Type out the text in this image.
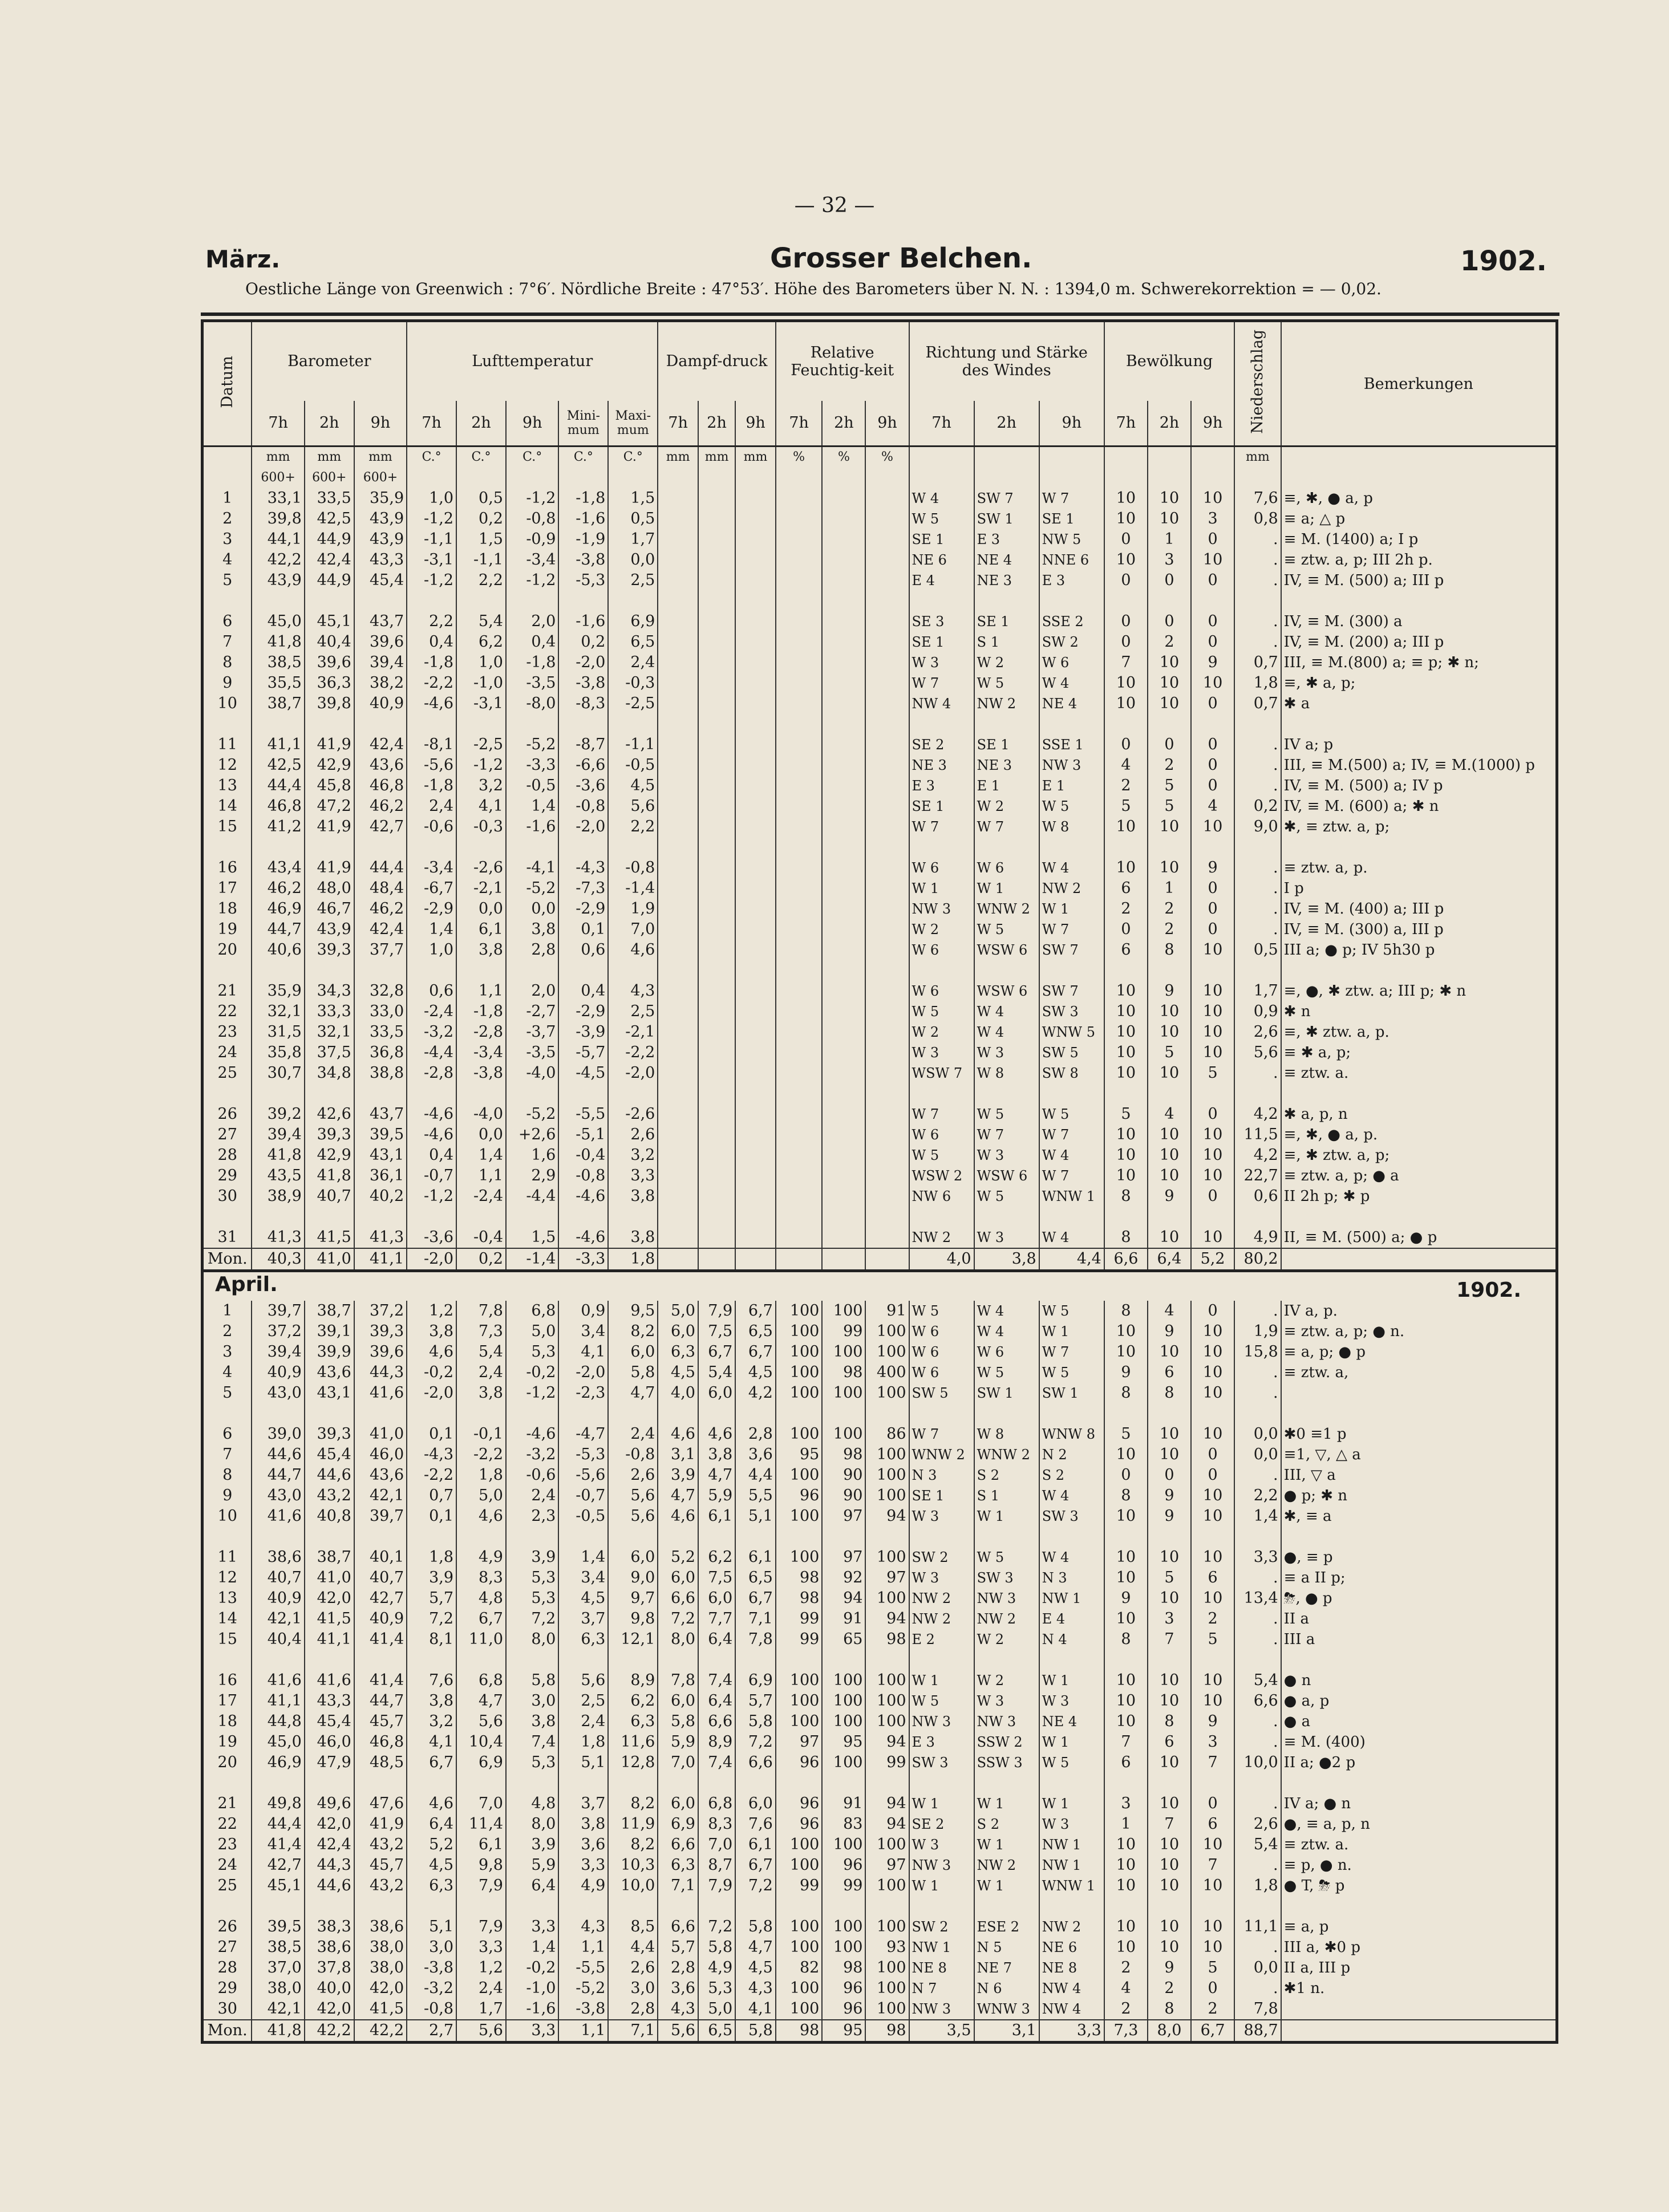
— 32 —
März.	Grosser Belchen.	1902.
Oestliche Länge von Greenwich : 7°6′. Nördliche Breite : 47°53′. Höhe des Barometers über N. N. : 1394,0 m. Schwerekorrektion = — 0,02.
Datum	Barometer			Lufttemperatur					Dampf-druck			Relative Feuchtig-keit			Richtung und Stärke des Windes			Bewölkung			Niederschlag	Bemerkungen
	7h	2h	9h	7h	2h	9h	Mini-mum	Maxi-mum	7h	2h	9h	7h	2h	9h	7h	2h	9h	7h	2h	9h		
	mm	mm	mm	C.°	C.°	C.°	C.°	C.°	mm	mm	mm	%	%	%							mm	
	600+	600+	600+																			
1	33,1	33,5	35,9	1,0	0,5	-1,2	-1,8	1,5							W 4	SW 7	W 7	10	10	10	7,6	≡, ✱, ● a, p
2	39,8	42,5	43,9	-1,2	0,2	-0,8	-1,6	0,5							W 5	SW 1	SE 1	10	10	3	0,8	≡ a; △ p
3	44,1	44,9	43,9	-1,1	1,5	-0,9	-1,9	1,7							SE 1	E 3	NW 5	0	1	0	.	≡ M. (1400) a; I p
4	42,2	42,4	43,3	-3,1	-1,1	-3,4	-3,8	0,0							NE 6	NE 4	NNE 6	10	3	10	.	≡ ztw. a, p; III 2h p.
5	43,9	44,9	45,4	-1,2	2,2	-1,2	-5,3	2,5							E 4	NE 3	E 3	0	0	0	.	IV, ≡ M. (500) a; III p

6	45,0	45,1	43,7	2,2	5,4	2,0	-1,6	6,9							SE 3	SE 1	SSE 2	0	0	0	.	IV, ≡ M. (300) a
7	41,8	40,4	39,6	0,4	6,2	0,4	0,2	6,5							SE 1	S 1	SW 2	0	2	0	.	IV, ≡ M. (200) a; III p
8	38,5	39,6	39,4	-1,8	1,0	-1,8	-2,0	2,4							W 3	W 2	W 6	7	10	9	0,7	III, ≡ M.(800) a; ≡ p; ✱ n;
9	35,5	36,3	38,2	-2,2	-1,0	-3,5	-3,8	-0,3							W 7	W 5	W 4	10	10	10	1,8	≡, ✱ a, p;
10	38,7	39,8	40,9	-4,6	-3,1	-8,0	-8,3	-2,5							NW 4	NW 2	NE 4	10	10	0	0,7	✱ a

11	41,1	41,9	42,4	-8,1	-2,5	-5,2	-8,7	-1,1							SE 2	SE 1	SSE 1	0	0	0	.	IV a; p
12	42,5	42,9	43,6	-5,6	-1,2	-3,3	-6,6	-0,5							NE 3	NE 3	NW 3	4	2	0	.	III, ≡ M.(500) a; IV, ≡ M.(1000) p
13	44,4	45,8	46,8	-1,8	3,2	-0,5	-3,6	4,5							E 3	E 1	E 1	2	5	0	.	IV, ≡ M. (500) a; IV p
14	46,8	47,2	46,2	2,4	4,1	1,4	-0,8	5,6							SE 1	W 2	W 5	5	5	4	0,2	IV, ≡ M. (600) a; ✱ n
15	41,2	41,9	42,7	-0,6	-0,3	-1,6	-2,0	2,2							W 7	W 7	W 8	10	10	10	9,0	✱, ≡ ztw. a, p;

16	43,4	41,9	44,4	-3,4	-2,6	-4,1	-4,3	-0,8							W 6	W 6	W 4	10	10	9	.	≡ ztw. a, p.
17	46,2	48,0	48,4	-6,7	-2,1	-5,2	-7,3	-1,4							W 1	W 1	NW 2	6	1	0	.	I p
18	46,9	46,7	46,2	-2,9	0,0	0,0	-2,9	1,9							NW 3	WNW 2	W 1	2	2	0	.	IV, ≡ M. (400) a; III p
19	44,7	43,9	42,4	1,4	6,1	3,8	0,1	7,0							W 2	W 5	W 7	0	2	0	.	IV, ≡ M. (300) a, III p
20	40,6	39,3	37,7	1,0	3,8	2,8	0,6	4,6							W 6	WSW 6	SW 7	6	8	10	0,5	III a; ● p; IV 5h30 p

21	35,9	34,3	32,8	0,6	1,1	2,0	0,4	4,3							W 6	WSW 6	SW 7	10	9	10	1,7	≡, ●, ✱ ztw. a; III p; ✱ n
22	32,1	33,3	33,0	-2,4	-1,8	-2,7	-2,9	2,5							W 5	W 4	SW 3	10	10	10	0,9	✱ n
23	31,5	32,1	33,5	-3,2	-2,8	-3,7	-3,9	-2,1							W 2	W 4	WNW 5	10	10	10	2,6	≡, ✱ ztw. a, p.
24	35,8	37,5	36,8	-4,4	-3,4	-3,5	-5,7	-2,2							W 3	W 3	SW 5	10	5	10	5,6	≡ ✱ a, p;
25	30,7	34,8	38,8	-2,8	-3,8	-4,0	-4,5	-2,0							WSW 7	W 8	SW 8	10	10	5	.	≡ ztw. a.

26	39,2	42,6	43,7	-4,6	-4,0	-5,2	-5,5	-2,6							W 7	W 5	W 5	5	4	0	4,2	✱ a, p, n
27	39,4	39,3	39,5	-4,6	0,0	+2,6	-5,1	2,6							W 6	W 7	W 7	10	10	10	11,5	≡, ✱, ● a, p.
28	41,8	42,9	43,1	0,4	1,4	1,6	-0,4	3,2							W 5	W 3	W 4	10	10	10	4,2	≡, ✱ ztw. a, p;
29	43,5	41,8	36,1	-0,7	1,1	2,9	-0,8	3,3							WSW 2	WSW 6	W 7	10	10	10	22,7	≡ ztw. a, p; ● a
30	38,9	40,7	40,2	-1,2	-2,4	-4,4	-4,6	3,8							NW 6	W 5	WNW 1	8	9	0	0,6	II 2h p; ✱ p

31	41,3	41,5	41,3	-3,6	-0,4	1,5	-4,6	3,8							NW 2	W 3	W 4	8	10	10	4,9	II, ≡ M. (500) a; ● p
Mon.	40,3	41,0	41,1	-2,0	0,2	-1,4	-3,3	1,8							4,0	3,8	4,4	6,6	6,4	5,2	80,2	

April. 1902.																						

1	39,7	38,7	37,2	1,2	7,8	6,8	0,9	9,5	5,0	7,9	6,7	100	100	91	W 5	W 4	W 5	8	4	0	.	IV a, p.
2	37,2	39,1	39,3	3,8	7,3	5,0	3,4	8,2	6,0	7,5	6,5	100	99	100	W 6	W 4	W 1	10	9	10	1,9	≡ ztw. a, p; ● n.
3	39,4	39,9	39,6	4,6	5,4	5,3	4,1	6,0	6,3	6,7	6,7	100	100	100	W 6	W 6	W 7	10	10	10	15,8	≡ a, p; ● p
4	40,9	43,6	44,3	-0,2	2,4	-0,2	-2,0	5,8	4,5	5,4	4,5	100	98	400	W 6	W 5	W 5	9	6	10	.	≡ ztw. a,
5	43,0	43,1	41,6	-2,0	3,8	-1,2	-2,3	4,7	4,0	6,0	4,2	100	100	100	SW 5	SW 1	SW 1	8	8	10	.	

6	39,0	39,3	41,0	0,1	-0,1	-4,6	-4,7	2,4	4,6	4,6	2,8	100	100	86	W 7	W 8	WNW 8	5	10	10	0,0	✱0 ≡1 p
7	44,6	45,4	46,0	-4,3	-2,2	-3,2	-5,3	-0,8	3,1	3,8	3,6	95	98	100	WNW 2	WNW 2	N 2	10	10	0	0,0	≡1, ▽, △ a
8	44,7	44,6	43,6	-2,2	1,8	-0,6	-5,6	2,6	3,9	4,7	4,4	100	90	100	N 3	S 2	S 2	0	0	0	.	III, ▽ a
9	43,0	43,2	42,1	0,7	5,0	2,4	-0,7	5,6	4,7	5,9	5,5	96	90	100	SE 1	S 1	W 4	8	9	10	2,2	● p; ✱ n
10	41,6	40,8	39,7	0,1	4,6	2,3	-0,5	5,6	4,6	6,1	5,1	100	97	94	W 3	W 1	SW 3	10	9	10	1,4	✱, ≡ a

11	38,6	38,7	40,1	1,8	4,9	3,9	1,4	6,0	5,2	6,2	6,1	100	97	100	SW 2	W 5	W 4	10	10	10	3,3	●, ≡ p
12	40,7	41,0	40,7	3,9	8,3	5,3	3,4	9,0	6,0	7,5	6,5	98	92	97	W 3	SW 3	N 3	10	5	6	.	≡ a II p;
13	40,9	42,0	42,7	5,7	4,8	5,3	4,5	9,7	6,6	6,0	6,7	98	94	100	NW 2	NW 3	NW 1	9	10	10	13,4	⛈, ● p
14	42,1	41,5	40,9	7,2	6,7	7,2	3,7	9,8	7,2	7,7	7,1	99	91	94	NW 2	NW 2	E 4	10	3	2	.	II a
15	40,4	41,1	41,4	8,1	11,0	8,0	6,3	12,1	8,0	6,4	7,8	99	65	98	E 2	W 2	N 4	8	7	5	.	III a

16	41,6	41,6	41,4	7,6	6,8	5,8	5,6	8,9	7,8	7,4	6,9	100	100	100	W 1	W 2	W 1	10	10	10	5,4	● n
17	41,1	43,3	44,7	3,8	4,7	3,0	2,5	6,2	6,0	6,4	5,7	100	100	100	W 5	W 3	W 3	10	10	10	6,6	● a, p
18	44,8	45,4	45,7	3,2	5,6	3,8	2,4	6,3	5,8	6,6	5,8	100	100	100	NW 3	NW 3	NE 4	10	8	9	.	● a
19	45,0	46,0	46,8	4,1	10,4	7,4	1,8	11,6	5,9	8,9	7,2	97	95	94	E 3	SSW 2	W 1	7	6	3	.	≡ M. (400)
20	46,9	47,9	48,5	6,7	6,9	5,3	5,1	12,8	7,0	7,4	6,6	96	100	99	SW 3	SSW 3	W 5	6	10	7	10,0	II a; ●2 p

21	49,8	49,6	47,6	4,6	7,0	4,8	3,7	8,2	6,0	6,8	6,0	96	91	94	W 1	W 1	W 1	3	10	0	.	IV a; ● n
22	44,4	42,0	41,9	6,4	11,4	8,0	3,8	11,9	6,9	8,3	7,6	96	83	94	SE 2	S 2	W 3	1	7	6	2,6	●, ≡ a, p, n
23	41,4	42,4	43,2	5,2	6,1	3,9	3,6	8,2	6,6	7,0	6,1	100	100	100	W 3	W 1	NW 1	10	10	10	5,4	≡ ztw. a.
24	42,7	44,3	45,7	4,5	9,8	5,9	3,3	10,3	6,3	8,7	6,7	100	96	97	NW 3	NW 2	NW 1	10	10	7	.	≡ p, ● n.
25	45,1	44,6	43,2	6,3	7,9	6,4	4,9	10,0	7,1	7,9	7,2	99	99	100	W 1	W 1	WNW 1	10	10	10	1,8	● T, ⛈ p

26	39,5	38,3	38,6	5,1	7,9	3,3	4,3	8,5	6,6	7,2	5,8	100	100	100	SW 2	ESE 2	NW 2	10	10	10	11,1	≡ a, p
27	38,5	38,6	38,0	3,0	3,3	1,4	1,1	4,4	5,7	5,8	4,7	100	100	93	NW 1	N 5	NE 6	10	10	10	.	III a, ✱0 p
28	37,0	37,8	38,0	-3,8	1,2	-0,2	-5,5	2,6	2,8	4,9	4,5	82	98	100	NE 8	NE 7	NE 8	2	9	5	0,0	II a, III p
29	38,0	40,0	42,0	-3,2	2,4	-1,0	-5,2	3,0	3,6	5,3	4,3	100	96	100	N 7	N 6	NW 4	4	2	0	.	✱1 n.
30	42,1	42,0	41,5	-0,8	1,7	-1,6	-3,8	2,8	4,3	5,0	4,1	100	96	100	NW 3	WNW 3	NW 4	2	8	2	7,8	
Mon.	41,8	42,2	42,2	2,7	5,6	3,3	1,1	7,1	5,6	6,5	5,8	98	95	98	3,5	3,1	3,3	7,3	8,0	6,7	88,7	
